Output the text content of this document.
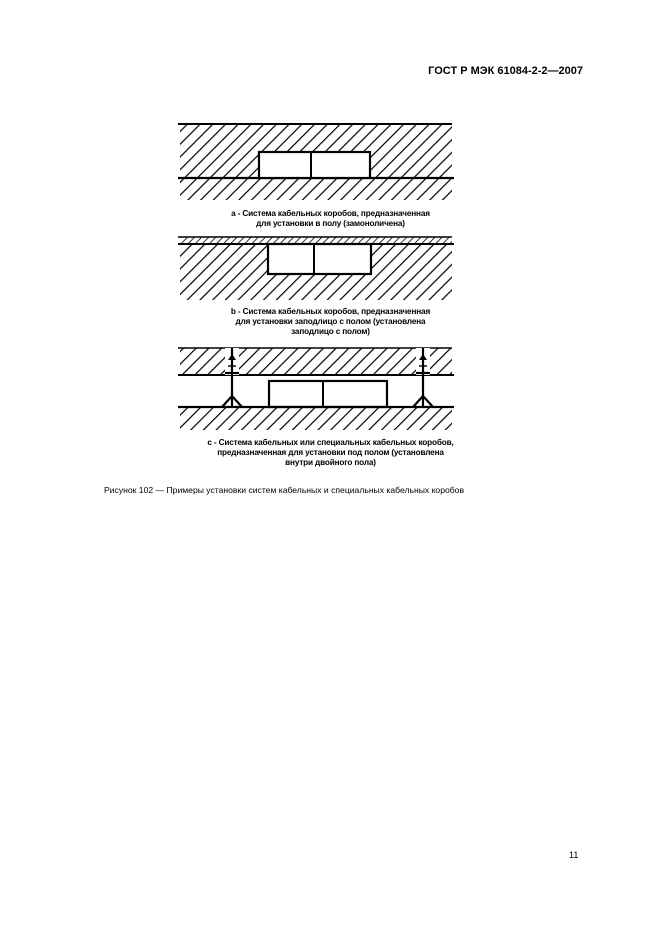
ГОСТ Р МЭК 61084-2-2—2007
a - Система кабельных коробов, предназначенная
для установки в полу (замоноличена)
b - Система кабельных коробов, предназначенная
для установки заподлицо с полом (установлена
заподлицо с полом)
c - Система кабельных или специальных кабельных коробов,
предназначенная для установки под полом (установлена
внутри двойного пола)
Рисунок 102 — Примеры установки систем кабельных и специальных кабельных коробов
11
